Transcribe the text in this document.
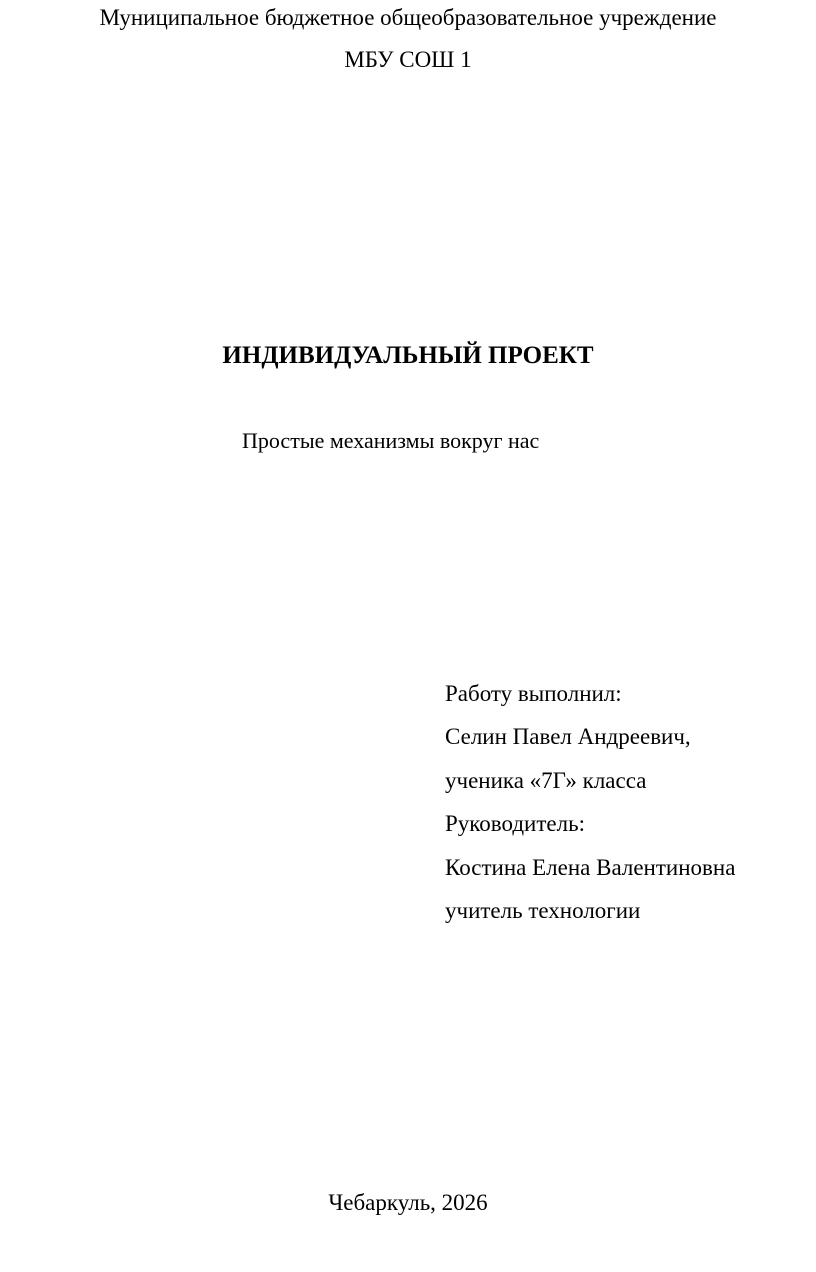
Муниципальное бюджетное общеобразовательное учреждение
МБУ СОШ 1
ИНДИВИДУАЛЬНЫЙ ПРОЕКТ
Простые механизмы вокруг нас
Работу выполнил:
Селин Павел Андреевич,
ученика «7Г» класса
Руководитель:
Костина Елена Валентиновна
учитель технологии
Чебаркуль, 2026
